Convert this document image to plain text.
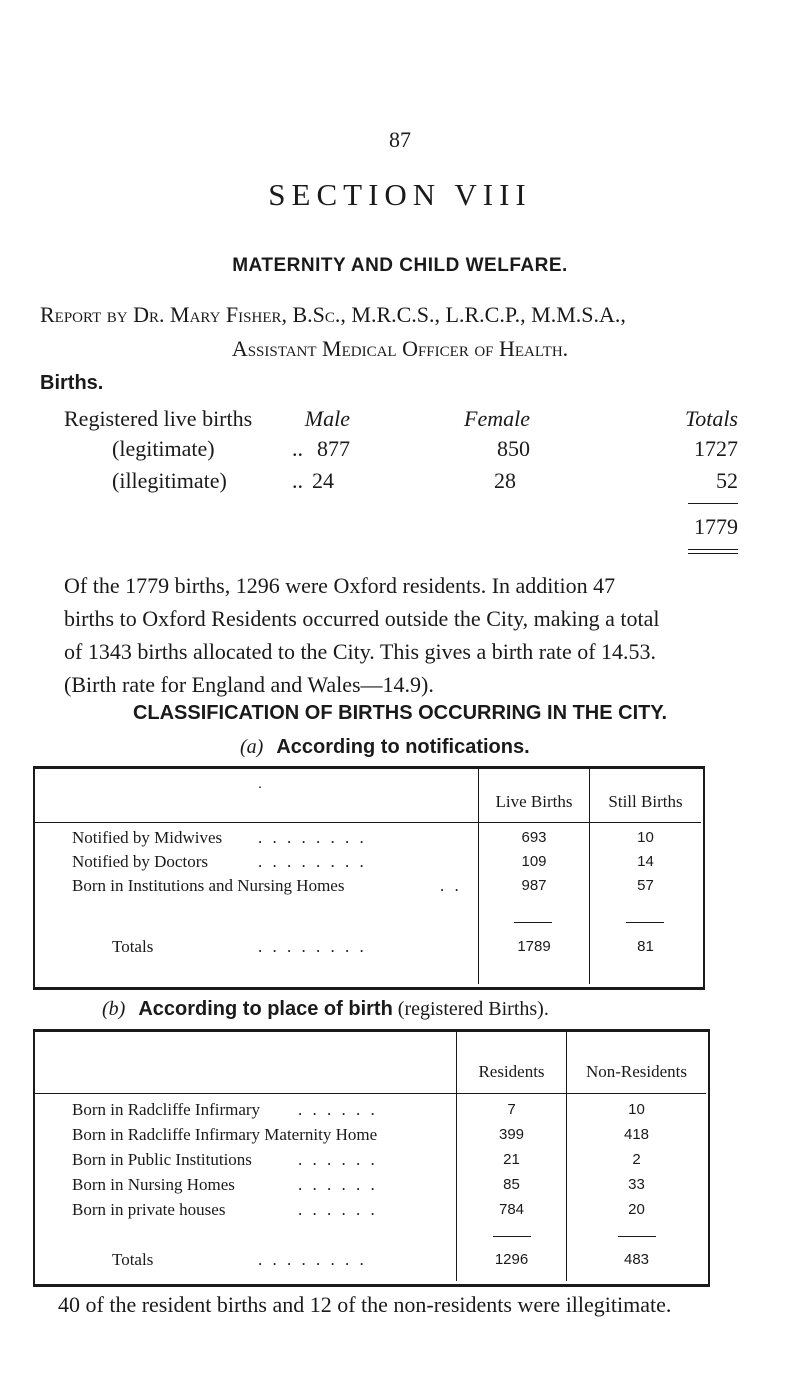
87
SECTION VIII
MATERNITY AND CHILD WELFARE.
Report by Dr. Mary Fisher, B.Sc., M.R.C.S., L.R.C.P., M.M.S.A.,
Assistant Medical Officer of Health.
Births.
Registered live births	Male	Female	Totals
(legitimate)	.. 877	850	1727
(illegitimate)	.. 24	28	52
1779
Of the 1779 births, 1296 were Oxford residents. In addition 47
births to Oxford Residents occurred outside the City, making a total
of 1343 births allocated to the City. This gives a birth rate of 14.53.
(Birth rate for England and Wales—14.9).
CLASSIFICATION OF BIRTHS OCCURRING IN THE CITY.
(a) According to notifications.
·
Live Births	Still Births
Notified by Midwives . . . . . . . .	693	10
Notified by Doctors	. . . . . . . .	109	14
Born in Institutions and Nursing Homes	. .	987	57
Totals	. . . . . . . .	1789	81
(b) According to place of birth (registered Births).
Residents	Non-Residents
Born in Radcliffe Infirmary . . . . . .	7	10
Born in Radcliffe Infirmary Maternity Home	399	418
Born in Public Institutions	. . . . . .	21	2
Born in Nursing Homes	. . . . . .	85	33
Born in private houses	. . . . . .	784	20
Totals	. . . . . . . .	1296	483
40 of the resident births and 12 of the non-residents were illegitimate.
